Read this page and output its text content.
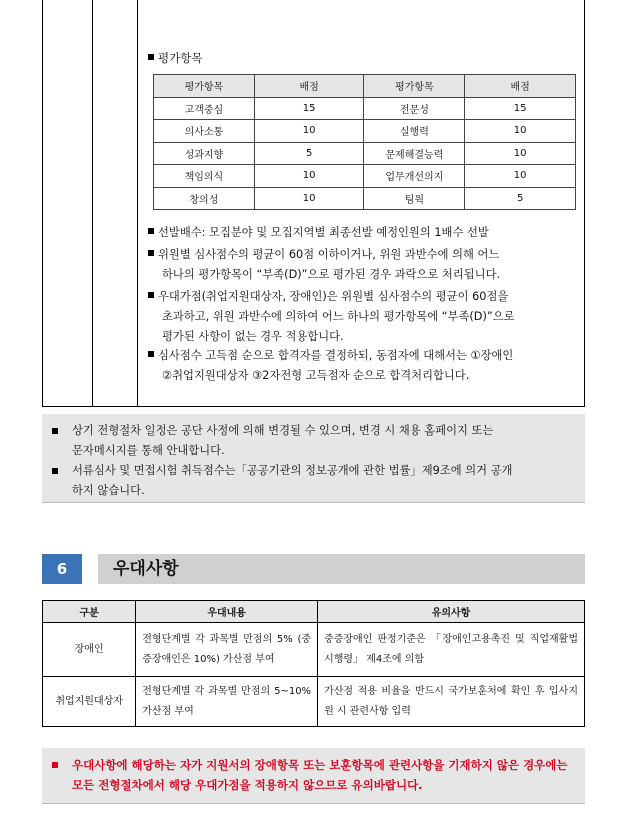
평가항목
평가항목	배점	평가항목	배점
고객중심	15	전문성	15
의사소통	10	실행력	10
성과지향	5	문제해결능력	10
책임의식	10	업무개선의지	10
창의성	10	팀웍	5
선발배수: 모집분야 및 모집지역별 최종선발 예정인원의 1배수 선발
위원별 심사점수의 평균이 60점 이하이거나, 위원 과반수에 의해 어느
하나의 평가항목이 “부족(D)”으로 평가된 경우 과락으로 처리됩니다.
우대가점(취업지원대상자, 장애인)은 위원별 심사점수의 평균이 60점을
초과하고, 위원 과반수에 의하여 어느 하나의 평가항목에 “부족(D)”으로
평가된 사항이 없는 경우 적용합니다.
심사점수 고득점 순으로 합격자를 결정하되, 동점자에 대해서는 ①장애인
②취업지원대상자 ③2자전형 고득점자 순으로 합격처리합니다.
상기 전형절차 일정은 공단 사정에 의해 변경될 수 있으며, 변경 시 채용 홈페이지 또는
문자메시지를 통해 안내합니다.
서류심사 및 면접시험 취득점수는「공공기관의 정보공개에 관한 법률」제9조에 의거 공개
하지 않습니다.
6	우대사항
구분	우대내용	유의사항
장애인	전형단계별 각 과목별 만점의 5% (중증장애인은 10%) 가산점 부여	중증장애인 판정기준은 「장애인고용촉진 및 직업재활법 시행령」 제4조에 의함
취업지원대상자	전형단계별 각 과목별 만점의 5~10% 가산점 부여	가산점 적용 비율을 반드시 국가보훈처에 확인 후 입사지원 시 관련사항 입력
우대사항에 해당하는 자가 지원서의 장애항목 또는 보훈항목에 관련사항을 기재하지 않은 경우에는 모든 전형절차에서 해당 우대가점을 적용하지 않으므로 유의바랍니다.
